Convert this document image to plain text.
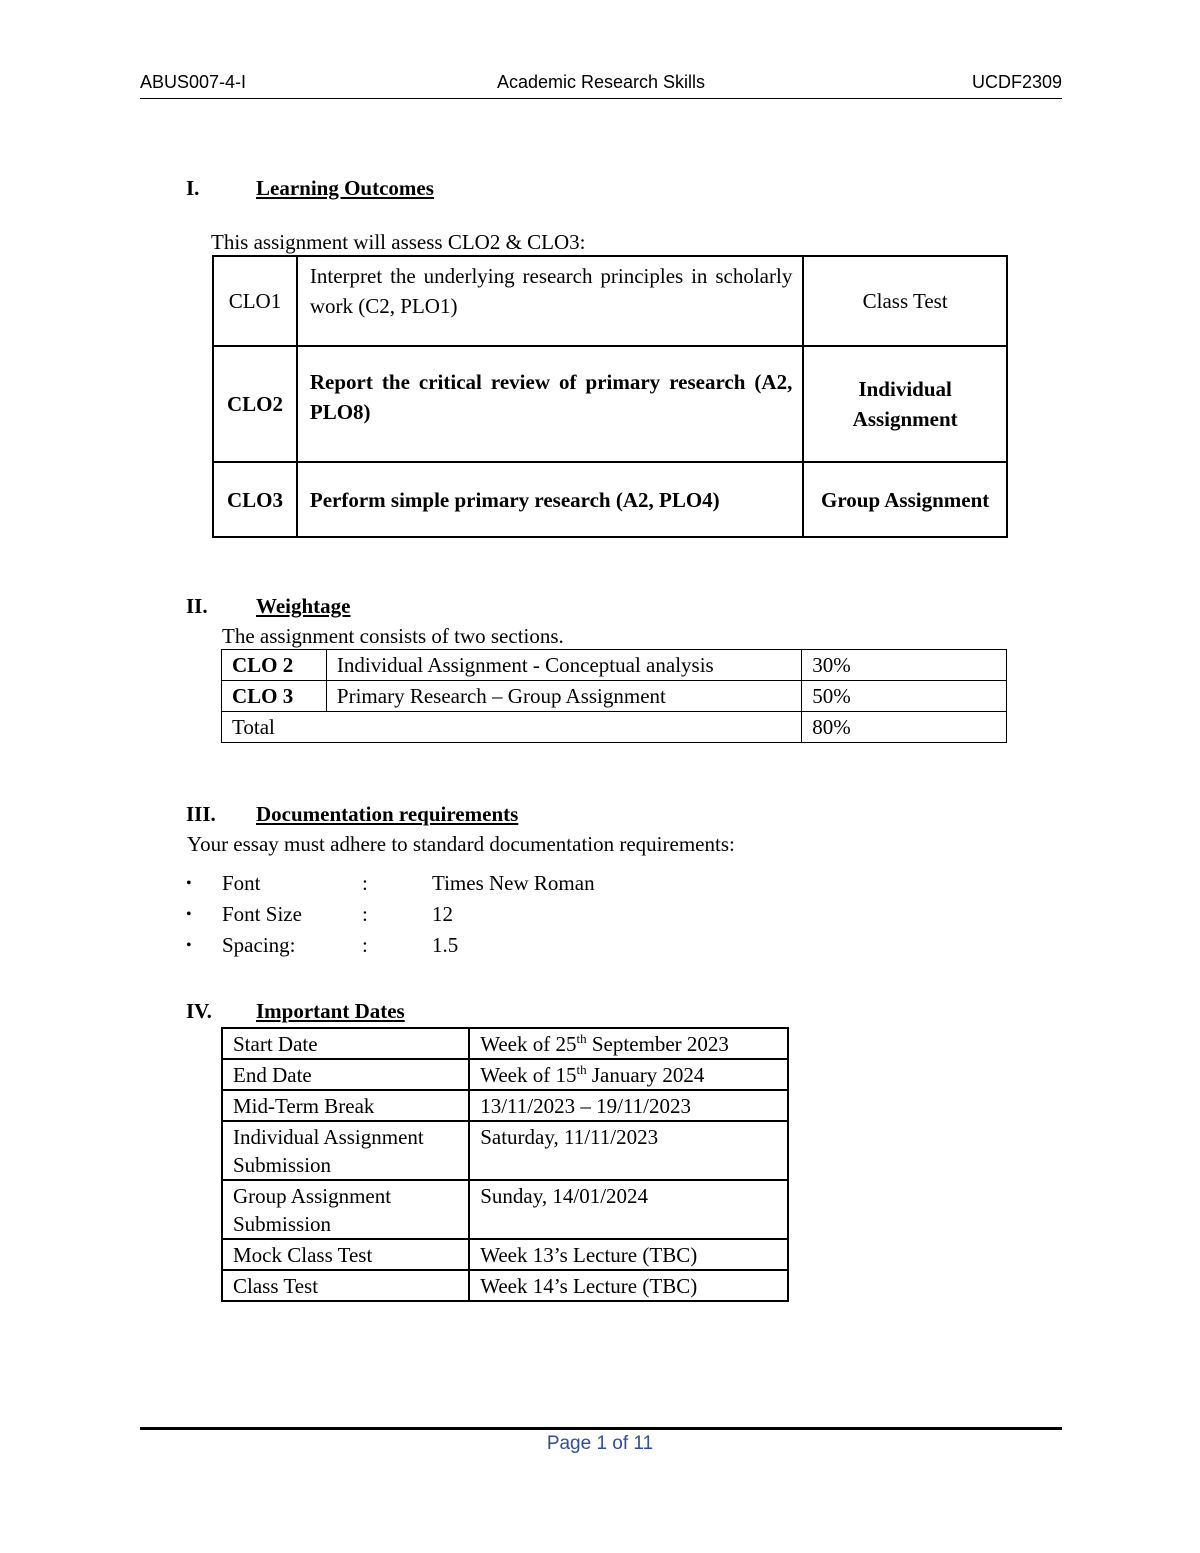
ABUS007-4-I	Academic Research Skills	UCDF2309
I.	Learning Outcomes
This assignment will assess CLO2 & CLO3:
CLO1	Interpret the underlying research principles in scholarly work (C2, PLO1)	Class Test
CLO2	Report the critical review of primary research (A2, PLO8)	Individual Assignment
CLO3	Perform simple primary research (A2, PLO4)	Group Assignment
II. Weightage
The assignment consists of two sections.
CLO 2	Individual Assignment - Conceptual analysis	30%
CLO 3	Primary Research – Group Assignment	50%
Total		80%
III. Documentation requirements
Your essay must adhere to standard documentation requirements:
• Font	:	Times New Roman
• Font Size	:	12
• Spacing:	:	1.5
IV. Important Dates
Start Date	Week of 25th September 2023
End Date	Week of 15th January 2024
Mid-Term Break	13/11/2023 – 19/11/2023
Individual Assignment Submission	Saturday, 11/11/2023
Group Assignment Submission	Sunday, 14/01/2024
Mock Class Test	Week 13’s Lecture (TBC)
Class Test	Week 14’s Lecture (TBC)
Page 1 of 11
